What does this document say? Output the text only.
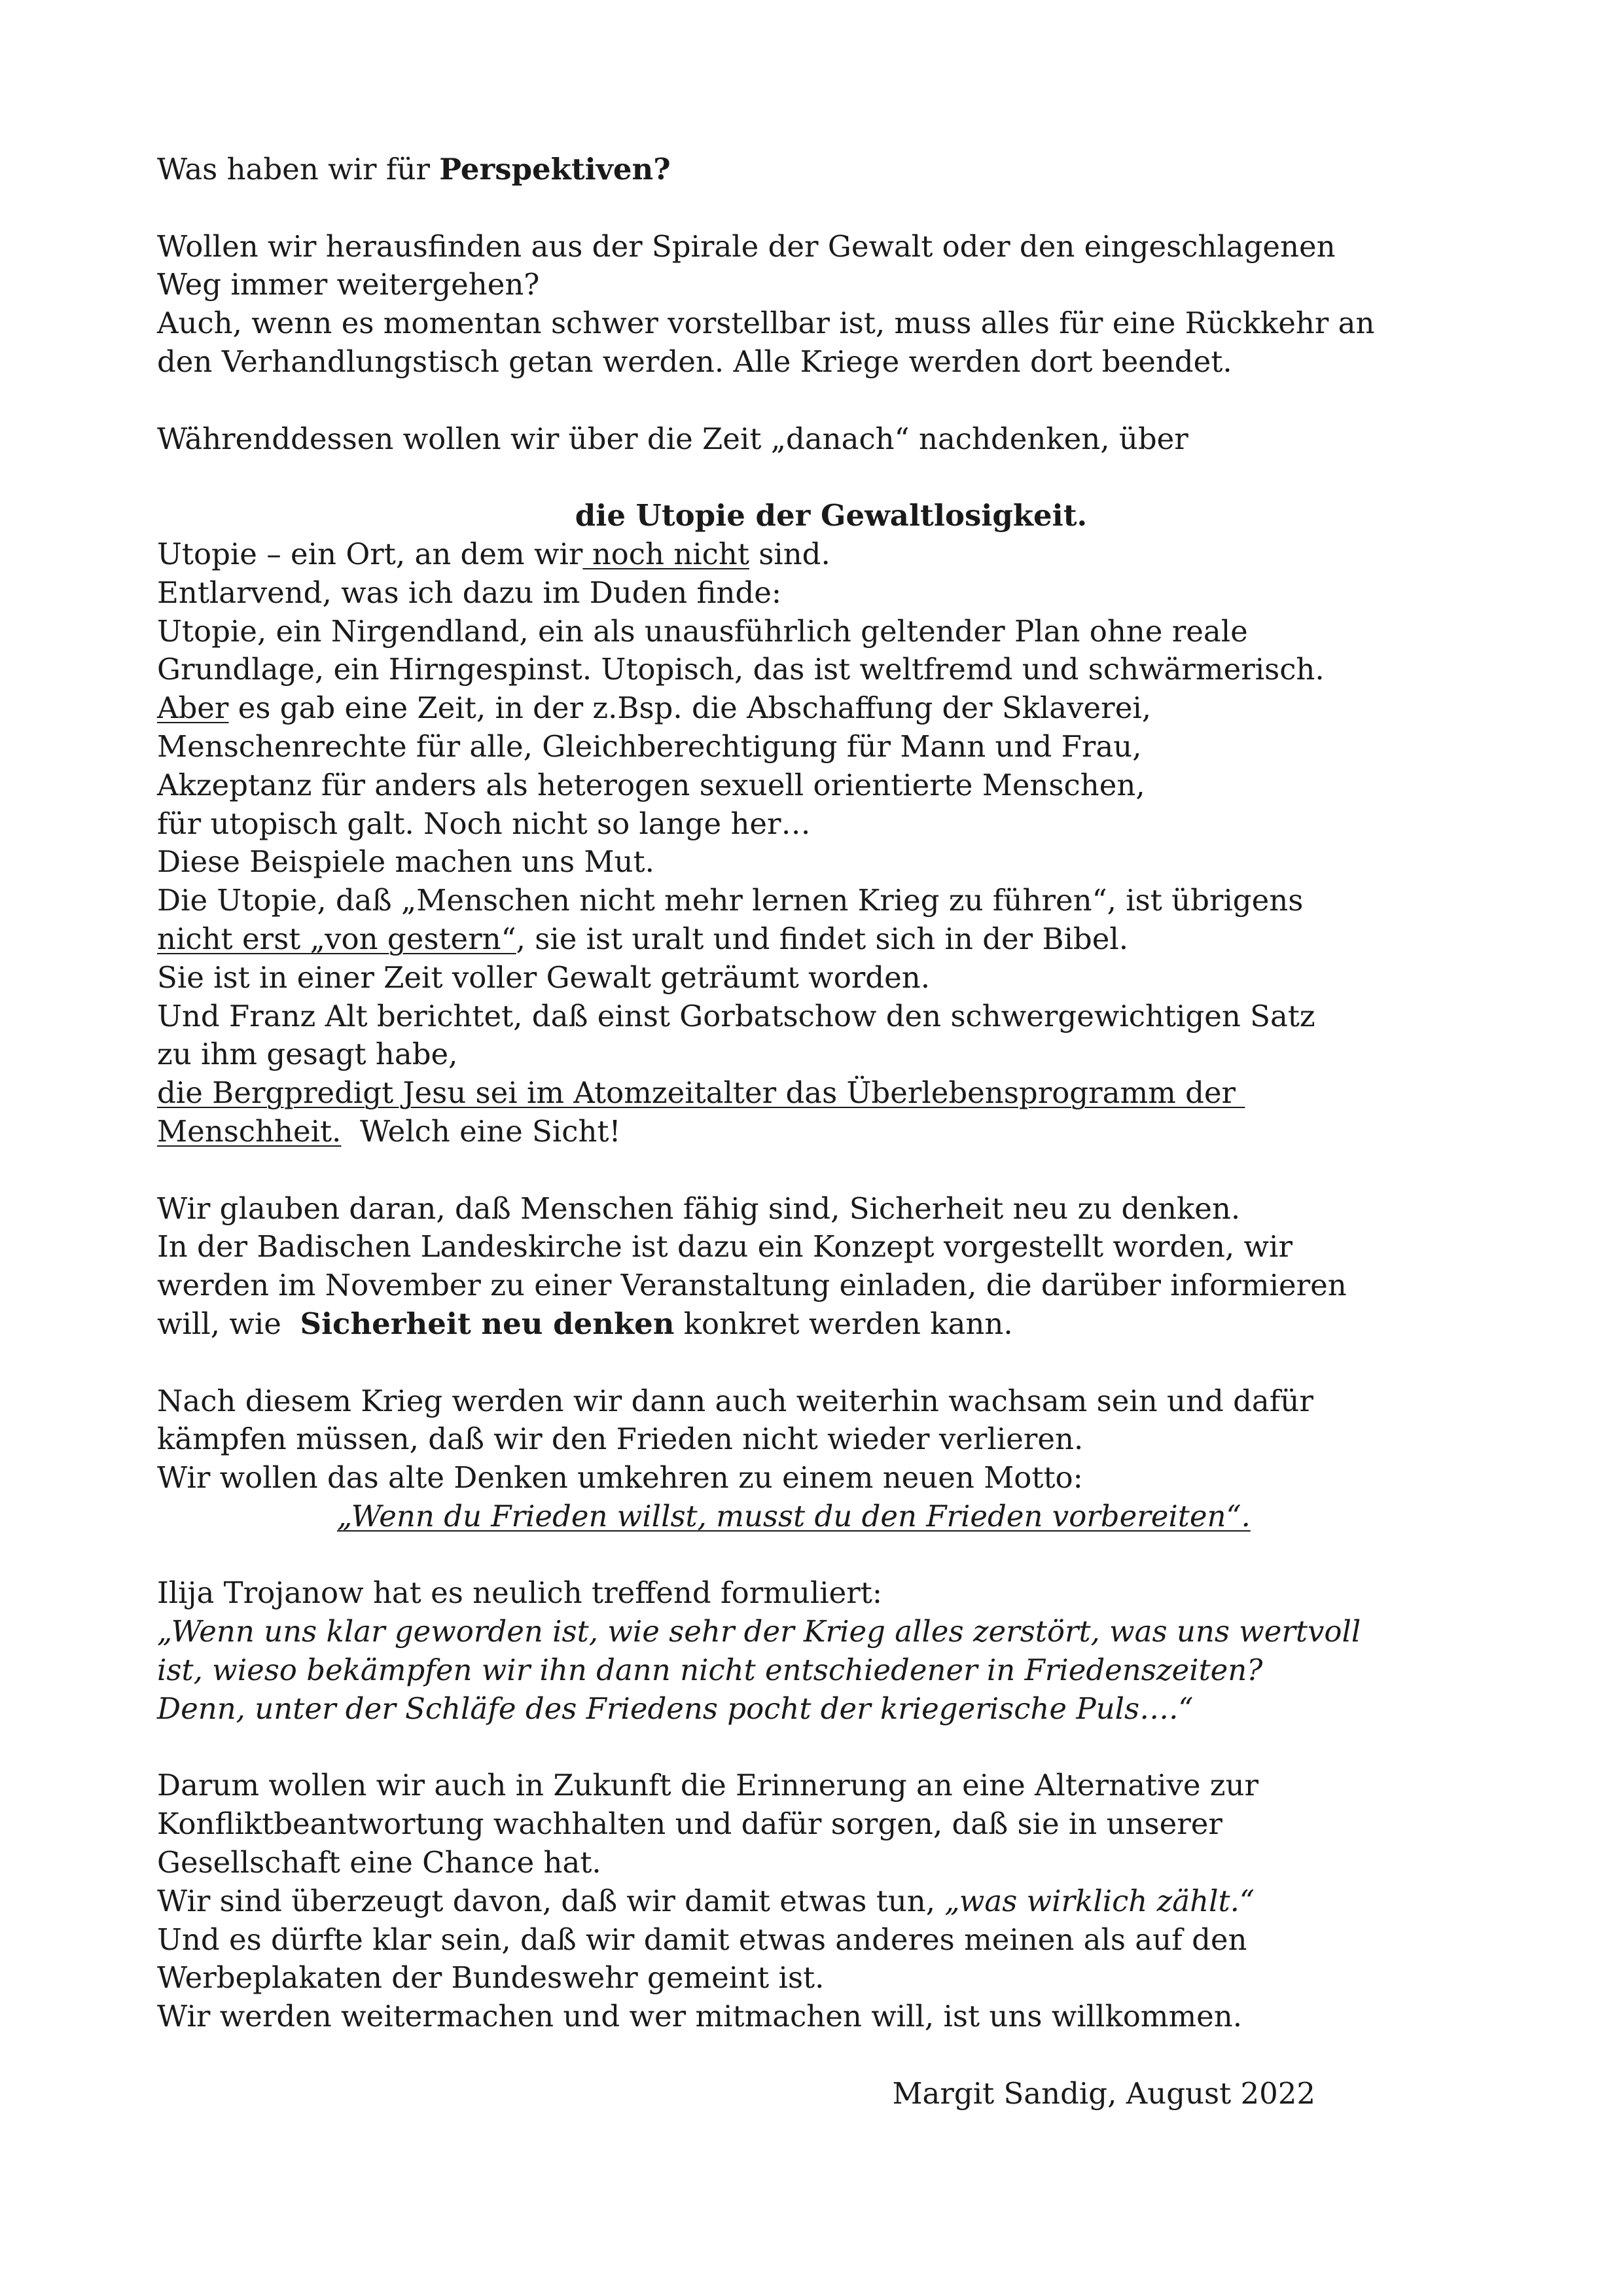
Was haben wir für Perspektiven?
Wollen wir herausfinden aus der Spirale der Gewalt oder den eingeschlagenen
Weg immer weitergehen?
Auch, wenn es momentan schwer vorstellbar ist, muss alles für eine Rückkehr an
den Verhandlungstisch getan werden. Alle Kriege werden dort beendet.
Währenddessen wollen wir über die Zeit „danach“ nachdenken, über
die Utopie der Gewaltlosigkeit.
Utopie – ein Ort, an dem wir noch nicht sind.
Entlarvend, was ich dazu im Duden finde:
Utopie, ein Nirgendland, ein als unausführlich geltender Plan ohne reale
Grundlage, ein Hirngespinst. Utopisch, das ist weltfremd und schwärmerisch.
Aber es gab eine Zeit, in der z.Bsp. die Abschaffung der Sklaverei,
Menschenrechte für alle, Gleichberechtigung für Mann und Frau,
Akzeptanz für anders als heterogen sexuell orientierte Menschen,
für utopisch galt. Noch nicht so lange her…
Diese Beispiele machen uns Mut.
Die Utopie, daß „Menschen nicht mehr lernen Krieg zu führen“, ist übrigens
nicht erst „von gestern“, sie ist uralt und findet sich in der Bibel.
Sie ist in einer Zeit voller Gewalt geträumt worden.
Und Franz Alt berichtet, daß einst Gorbatschow den schwergewichtigen Satz
zu ihm gesagt habe,
die Bergpredigt Jesu sei im Atomzeitalter das Überlebensprogramm der
Menschheit.  Welch eine Sicht!
Wir glauben daran, daß Menschen fähig sind, Sicherheit neu zu denken.
In der Badischen Landeskirche ist dazu ein Konzept vorgestellt worden, wir
werden im November zu einer Veranstaltung einladen, die darüber informieren
will, wie  Sicherheit neu denken konkret werden kann.
Nach diesem Krieg werden wir dann auch weiterhin wachsam sein und dafür
kämpfen müssen, daß wir den Frieden nicht wieder verlieren.
Wir wollen das alte Denken umkehren zu einem neuen Motto:
„Wenn du Frieden willst, musst du den Frieden vorbereiten“.
Ilija Trojanow hat es neulich treffend formuliert:
„Wenn uns klar geworden ist, wie sehr der Krieg alles zerstört, was uns wertvoll
ist, wieso bekämpfen wir ihn dann nicht entschiedener in Friedenszeiten?
Denn, unter der Schläfe des Friedens pocht der kriegerische Puls….“
Darum wollen wir auch in Zukunft die Erinnerung an eine Alternative zur
Konfliktbeantwortung wachhalten und dafür sorgen, daß sie in unserer
Gesellschaft eine Chance hat.
Wir sind überzeugt davon, daß wir damit etwas tun, „was wirklich zählt.“
Und es dürfte klar sein, daß wir damit etwas anderes meinen als auf den
Werbeplakaten der Bundeswehr gemeint ist.
Wir werden weitermachen und wer mitmachen will, ist uns willkommen.
Margit Sandig, August 2022
